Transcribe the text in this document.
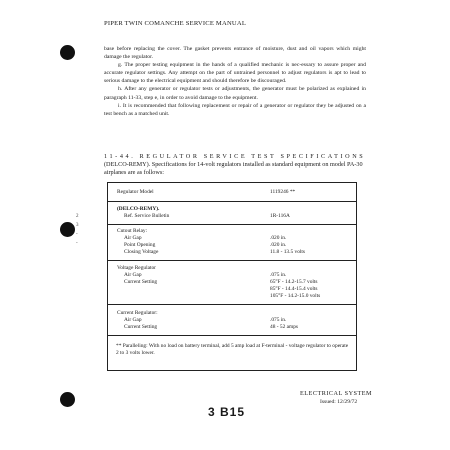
PIPER TWIN COMANCHE SERVICE MANUAL

base before replacing the cover. The gasket prevents entrance of moisture, dust and oil vapors which might damage the regulator.

g. The proper testing equipment in the hands of a qualified mechanic is nec-essary to assure proper and accurate regulator settings. Any attempt on the part of untrained personnel to adjust regulators is apt to lead to serious damage to the electrical equipment and should therefore be discouraged.

h. After any generator or regulator tests or adjustments, the generator must be polarized as explained in paragraph 11-33, step e, in order to avoid damage to the equipment.

i. It is recommended that following replacement or repair of a generator or regulator they be adjusted on a test bench as a matched unit.

11-44. REGULATOR SERVICE TEST SPECIFICATIONS
(DELCO-REMY). Specifications for 14-volt regulators installed as standard equipment on model PA-30 airplanes are as follows:
2
3
-
-
Regulator Model	1119246 **
(DELCO-REMY).
Ref. Service Bulletin	1R-116A
Cutout Relay:
Air Gap	.020 in.
Point Opening	.020 in.
Closing Voltage	11.8 - 13.5 volts
Voltage Regulator
Air Gap	.075 in.
Current Setting	65°F - 14.2-15.7 volts
85°F - 14.4-15.4 volts
105°F - 14.2-15.0 volts
Current Regulator:
Air Gap	.075 in.
Current Setting	48 - 52 amps
** Paralleling: With no load on battery terminal, add 5 amp load at F-terminal - voltage regulator to operate 2 to 3 volts lower.
ELECTRICAL SYSTEM
Issued: 12/29/72
3 B15
